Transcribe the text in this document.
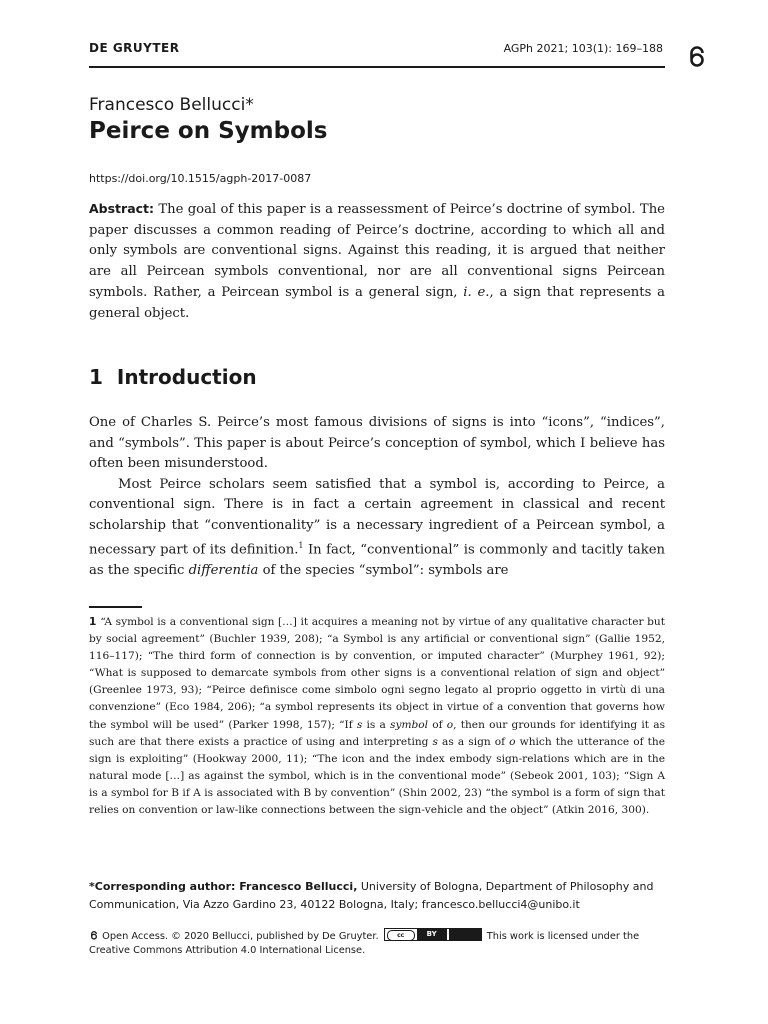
DE GRUYTER	AGPh 2021; 103(1): 169–188
Francesco Bellucci*
Peirce on Symbols
https://doi.org/10.1515/agph-2017-0087

Abstract: The goal of this paper is a reassessment of Peirce’s doctrine of symbol. The paper discusses a common reading of Peirce’s doctrine, according to which all and only symbols are conventional signs. Against this reading, it is argued that neither are all Peircean symbols conventional, nor are all conventional signs Peircean symbols. Rather, a Peircean symbol is a general sign, i. e., a sign that represents a general object.

1 Introduction

One of Charles S. Peirce’s most famous divisions of signs is into “icons”, “indices”, and “symbols”. This paper is about Peirce’s conception of symbol, which I believe has often been misunderstood.

Most Peirce scholars seem satisfied that a symbol is, according to Peirce, a conventional sign. There is in fact a certain agreement in classical and recent scholarship that “conventionality” is a necessary ingredient of a Peircean symbol, a necessary part of its definition.$^1$ In fact, “conventional” is commonly and tacitly taken as the specific differentia of the species “symbol”: symbols are

1 “A symbol is a conventional sign […] it acquires a meaning not by virtue of any qualitative character but by social agreement” (Buchler 1939, 208); “a Symbol is any artificial or conventional sign” (Gallie 1952, 116–117); “The third form of connection is by convention, or imputed character” (Murphey 1961, 92); “What is supposed to demarcate symbols from other signs is a conventional relation of sign and object” (Greenlee 1973, 93); “Peirce definisce come simbolo ogni segno legato al proprio oggetto in virtù di una convenzione” (Eco 1984, 206); “a symbol represents its object in virtue of a convention that governs how the symbol will be used” (Parker 1998, 157); “If s is a symbol of o, then our grounds for identifying it as such are that there exists a practice of using and interpreting s as a sign of o which the utterance of the sign is exploiting” (Hookway 2000, 11); “The icon and the index embody sign-relations which are in the natural mode […] as against the symbol, which is in the conventional mode” (Sebeok 2001, 103); “Sign A is a symbol for B if A is associated with B by convention” (Shin 2002, 23) “the symbol is a form of sign that relies on convention or law-like connections between the sign-vehicle and the object” (Atkin 2016, 300).

*Corresponding author: Francesco Bellucci, University of Bologna, Department of Philosophy and Communication, Via Azzo Gardino 23, 40122 Bologna, Italy; francesco.bellucci4@unibo.it

Open Access. © 2020 Bellucci, published by De Gruyter.	cc	BY	This work is licensed under the Creative Commons Attribution 4.0 International License.
